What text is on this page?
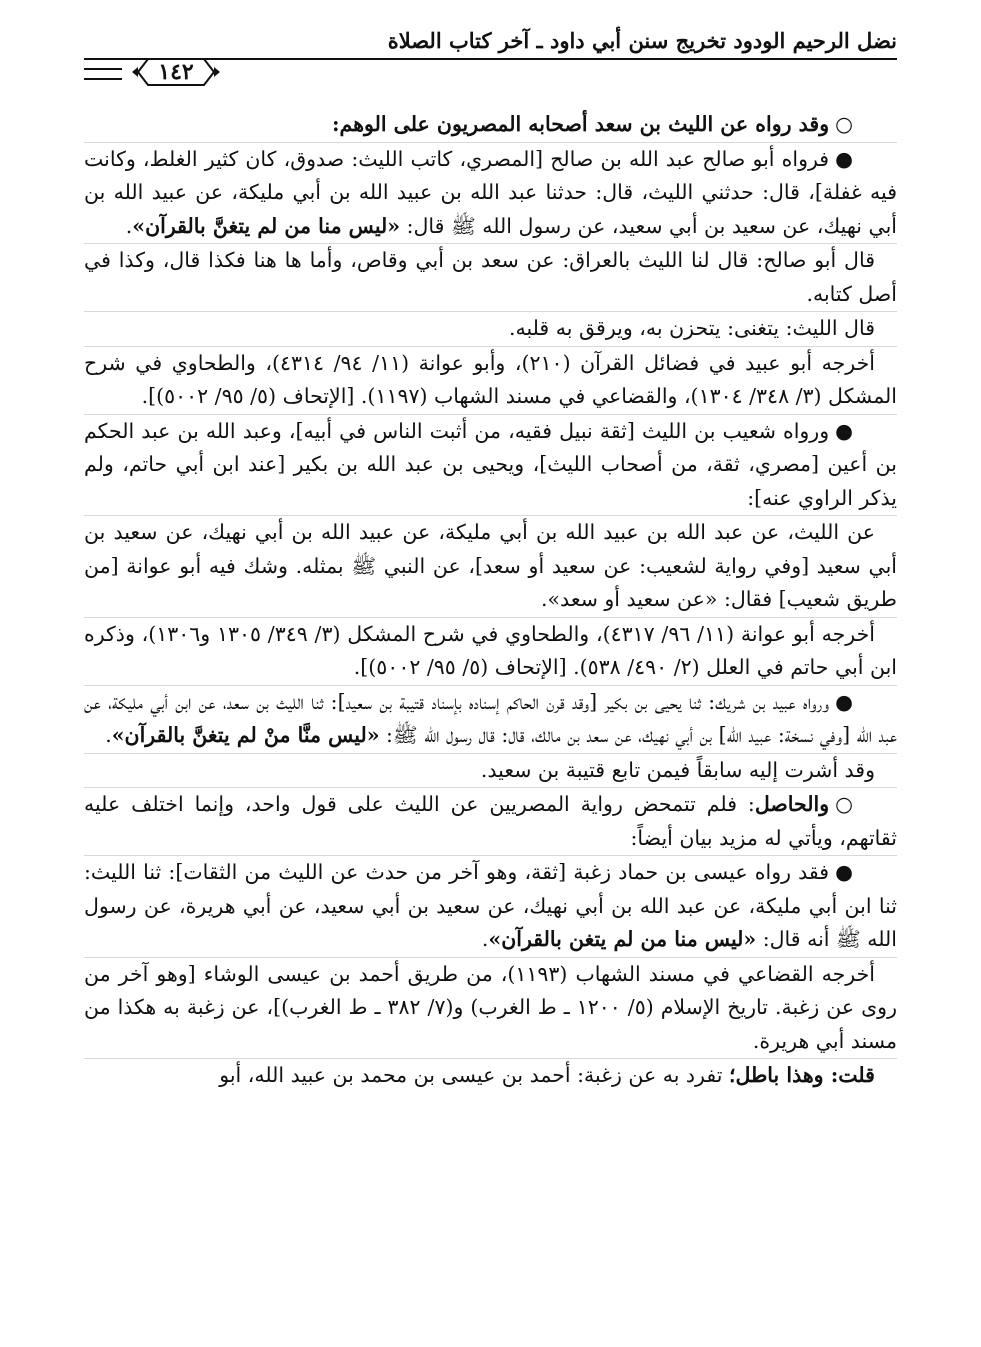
نضل الرحيم الودود تخريج سنن أبي داود ـ آخر كتاب الصلاة
١٤٢

○وقد رواه عن الليث بن سعد أصحابه المصريون على الوهم:

●فرواه أبو صالح عبد الله بن صالح [المصري، كاتب الليث: صدوق، كان كثير الغلط، وكانت فيه غفلة]، قال: حدثني الليث، قال: حدثنا عبد الله بن عبيد الله بن أبي مليكة، عن عبيد الله بن أبي نهيك، عن سعيد بن أبي سعيد، عن رسول الله ﷺ قال: «ليس منا من لم يتغنَّ بالقرآن».

قال أبو صالح: قال لنا الليث بالعراق: عن سعد بن أبي وقاص، وأما ها هنا فكذا قال، وكذا في أصل كتابه.

قال الليث: يتغنى: يتحزن به، ويرقق به قلبه.

أخرجه أبو عبيد في فضائل القرآن (٢١٠)، وأبو عوانة (١١/ ٩٤/ ٤٣١٤)، والطحاوي في شرح المشكل (٣/ ٣٤٨/ ١٣٠٤)، والقضاعي في مسند الشهاب (١١٩٧). [الإتحاف (٥/ ٩٥/ ٥٠٠٢)].

●ورواه شعيب بن الليث [ثقة نبيل فقيه، من أثبت الناس في أبيه]، وعبد الله بن عبد الحكم بن أعين [مصري، ثقة، من أصحاب الليث]، ويحيى بن عبد الله بن بكير [عند ابن أبي حاتم، ولم يذكر الراوي عنه]:

عن الليث، عن عبد الله بن عبيد الله بن أبي مليكة، عن عبيد الله بن أبي نهيك، عن سعيد بن أبي سعيد [وفي رواية لشعيب: عن سعيد أو سعد]، عن النبي ﷺ بمثله. وشك فيه أبو عوانة [من طريق شعيب] فقال: «عن سعيد أو سعد».

أخرجه أبو عوانة (١١/ ٩٦/ ٤٣١٧)، والطحاوي في شرح المشكل (٣/ ٣٤٩/ ١٣٠٥ و١٣٠٦)، وذكره ابن أبي حاتم في العلل (٢/ ٤٩٠/ ٥٣٨). [الإتحاف (٥/ ٩٥/ ٥٠٠٢)].

●ورواه عبيد بن شريك: ثنا يحيى بن بكير [وقد قرن الحاكم إسناده بإسناد قتيبة بن سعيد]: ثنا الليث بن سعد، عن ابن أبي مليكة، عن عبد الله [وفي نسخة: عبيد الله] بن أبي نهيك، عن سعد بن مالك، قال: قال رسول الله ﷺ: «ليس منَّا منْ لم يتغنَّ بالقرآن».

وقد أشرت إليه سابقاً فيمن تابع قتيبة بن سعيد.

○والحاصل: فلم تتمحض رواية المصريين عن الليث على قول واحد، وإنما اختلف عليه ثقاتهم، ويأتي له مزيد بيان أيضاً:

●فقد رواه عيسى بن حماد زغبة [ثقة، وهو آخر من حدث عن الليث من الثقات]: ثنا الليث: ثنا ابن أبي مليكة، عن عبد الله بن أبي نهيك، عن سعيد بن أبي سعيد، عن أبي هريرة، عن رسول الله ﷺ أنه قال: «ليس منا من لم يتغن بالقرآن».

أخرجه القضاعي في مسند الشهاب (١١٩٣)، من طريق أحمد بن عيسى الوشاء [وهو آخر من روى عن زغبة. تاريخ الإسلام (٥/ ١٢٠٠ ـ ط الغرب) و(٧/ ٣٨٢ ـ ط الغرب)]، عن زغبة به هكذا من مسند أبي هريرة.

قلت: وهذا باطل؛ تفرد به عن زغبة: أحمد بن عيسى بن محمد بن عبيد الله، أبو
